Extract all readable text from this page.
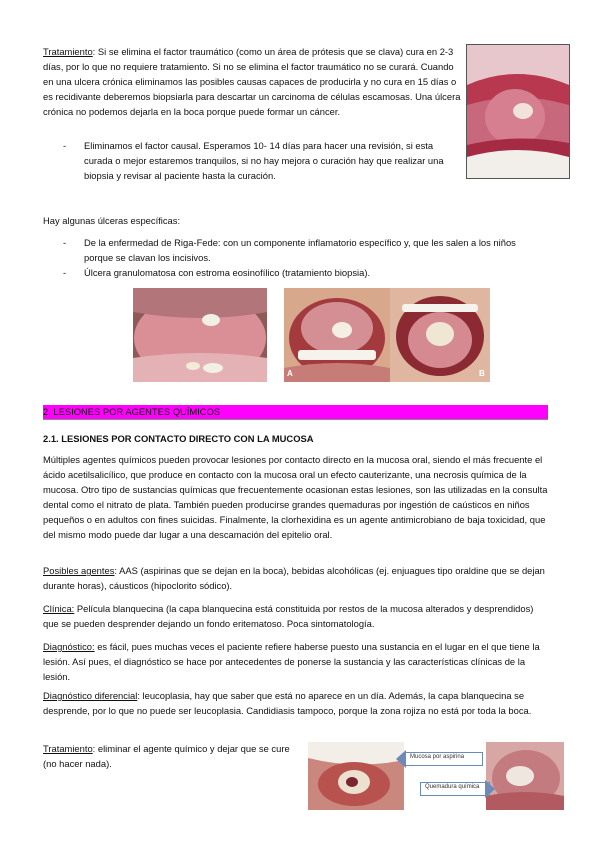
Tratamiento: Si se elimina el factor traumático (como un área de prótesis que se clava) cura en 2-3 días, por lo que no requiere tratamiento. Si no se elimina el factor traumático no se curará. Cuando en una ulcera crónica eliminamos las posibles causas capaces de producirla y no cura en 15 días o es recidivante deberemos biopsiarla para descartar un carcinoma de células escamosas. Una úlcera crónica no podemos dejarla en la boca porque puede formar un cáncer.

- Eliminamos el factor causal. Esperamos 10- 14 días para hacer una revisión, si esta curada o mejor estaremos tranquilos, si no hay mejora o curación hay que realizar una biopsia y revisar al paciente hasta la curación.

Hay algunas úlceras específicas:

- De la enfermedad de Riga-Fede: con un componente inflamatorio específico y, que les salen a los niños porque se clavan los incisivos.
- Úlcera granulomatosa con estroma eosinofílico (tratamiento biopsia).
A	B
2. LESIONES POR AGENTES QUÍMICOS

2.1. LESIONES POR CONTACTO DIRECTO CON LA MUCOSA

Múltiples agentes químicos pueden provocar lesiones por contacto directo en la mucosa oral, siendo el más frecuente el ácido acetilsalicílico, que produce en contacto con la mucosa oral un efecto cauterizante, una necrosis química de la mucosa. Otro tipo de sustancias químicas que frecuentemente ocasionan estas lesiones, son las utilizadas en la consulta dental como el nitrato de plata. También pueden producirse grandes quemaduras por ingestión de caústicos en niños pequeños o en adultos con fines suicidas. Finalmente, la clorhexidina es un agente antimicrobiano de baja toxicidad, que del mismo modo puede dar lugar a una descamación del epitelio oral.

Posibles agentes: AAS (aspirinas que se dejan en la boca), bebidas alcohólicas (ej. enjuagues tipo oraldine que se dejan durante horas), cáusticos (hipoclorito sódico).

Clínica: Película blanquecina (la capa blanquecina está constituida por restos de la mucosa alterados y desprendidos) que se pueden desprender dejando un fondo eritematoso. Poca sintomatología.

Diagnóstico: es fácil, pues muchas veces el paciente refiere haberse puesto una sustancia en el lugar en el que tiene la lesión. Así pues, el diagnóstico se hace por antecedentes de ponerse la sustancia y las características clínicas de la lesión.

Diagnóstico diferencial: leucoplasia, hay que saber que está no aparece en un día. Además, la capa blanquecina se desprende, por lo que no puede ser leucoplasia. Candidiasis tampoco, porque la zona rojiza no está por toda la boca.

Tratamiento: eliminar el agente químico y dejar que se cure (no hacer nada).

Mucosa por aspirina
Quemadura química
